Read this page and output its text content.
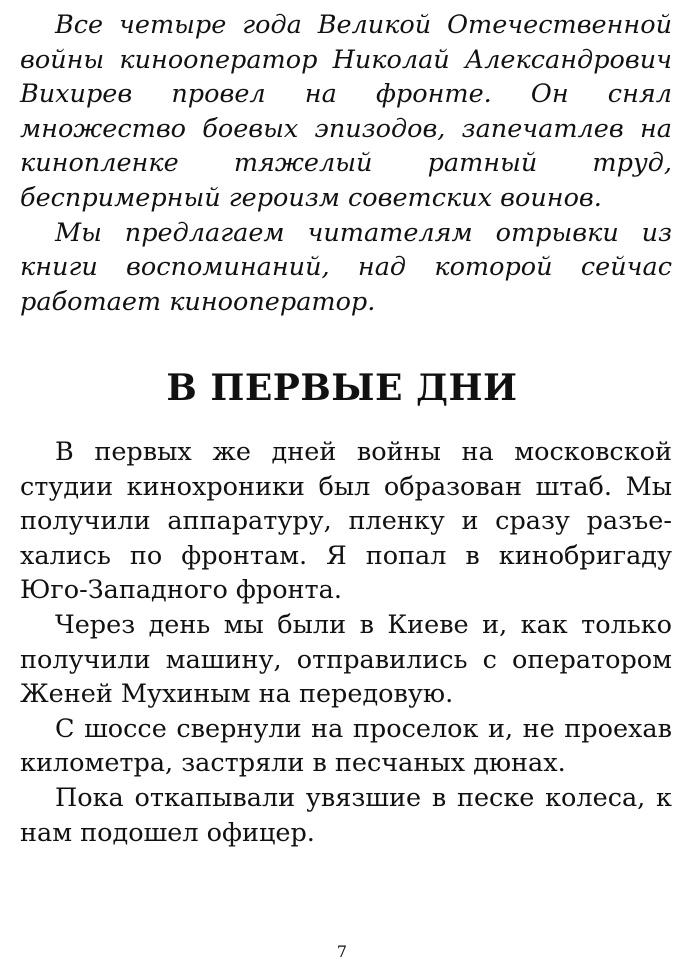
Все четыре года Великой Отечественной войны кинооператор Николай Александрович Вихирев провел на фронте. Он снял множество боевых эпизодов, запечатлев на кинопленке тяжелый ратный труд, беспримерный героизм советских воинов.

Мы предлагаем читателям отрывки из книги воспоминаний, над которой сейчас работает кинооператор.

В ПЕРВЫЕ ДНИ

В первых же дней войны на московской студии кинохроники был образован штаб. Мы получили аппаратуру, пленку и сразу разъехались по фронтам. Я попал в кинобригаду Юго-Западного фронта.

Через день мы были в Киеве и, как только получили машину, отправились с оператором Женей Мухиным на передовую.

С шоссе свернули на проселок и, не проехав километра, застряли в песчаных дюнах.

Пока откапывали увязшие в песке колеса, к нам подошел офицер.

7
